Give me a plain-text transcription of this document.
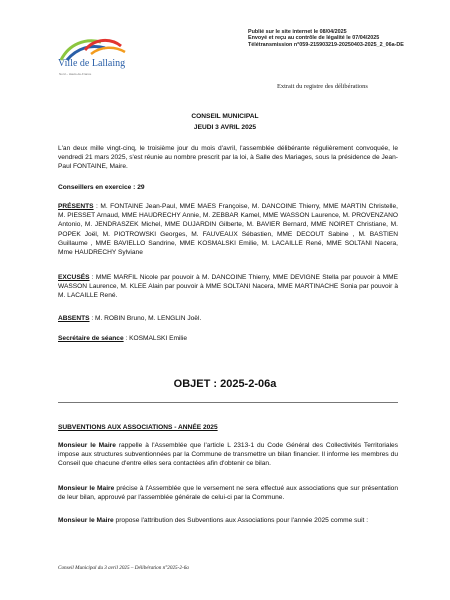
Ville de Lallaing
Nord – Hauts-de-France
Publié sur le site internet le 08/04/2025
Envoyé et reçu au contrôle de légalité le 07/04/2025
Télétransmission n°059-215903219-20250403-2025_2_06a-DE
Extrait du registre des délibérations
CONSEIL MUNICIPAL
JEUDI 3 AVRIL 2025

L'an deux mille vingt-cinq, le troisième jour du mois d'avril, l'assemblée délibérante régulièrement convoquée, le vendredi 21 mars 2025, s'est réunie au nombre prescrit par la loi, à Salle des Mariages, sous la présidence de Jean-Paul FONTAINE, Maire.

Conseillers en exercice : 29

PRÉSENTS : M. FONTAINE Jean-Paul, MME MAES Françoise, M. DANCOINE Thierry, MME MARTIN Christelle, M. PIESSET Arnaud, MME HAUDRECHY Annie, M. ZEBBAR Kamel, MME WASSON Laurence, M. PROVENZANO Antonio, M. JENDRASZEK Michel, MME DUJARDIN Gilberte, M. BAVIER Bernard, MME NOIRET Christiane, M. POPEK Joël, M. PIOTROWSKI Georges, M. FAUVEAUX Sébastien, MME DECOUT Sabine , M. BASTIEN Guillaume , MME BAVIELLO Sandrine, MME KOSMALSKI Emilie, M. LACAILLE René, MME SOLTANI Nacera, Mme HAUDRECHY Sylviane

EXCUSÉS : MME MARFIL Nicole par pouvoir à M. DANCOINE Thierry, MME DEVIGNE Stella par pouvoir à MME WASSON Laurence, M. KLEE Alain par pouvoir à MME SOLTANI Nacera, MME MARTINACHE Sonia par pouvoir à M. LACAILLE René.

ABSENTS : M. ROBIN Bruno, M. LENGLIN Joël.

Secrétaire de séance : KOSMALSKI Emilie

OBJET : 2025-2-06a
SUBVENTIONS AUX ASSOCIATIONS - ANNÉE 2025

Monsieur le Maire rappelle à l'Assemblée que l'article L 2313-1 du Code Général des Collectivités Territoriales impose aux structures subventionnées par la Commune de transmettre un bilan financier. Il informe les membres du Conseil que chacune d'entre elles sera contactées afin d'obtenir ce bilan.

Monsieur le Maire précise à l'Assemblée que le versement ne sera effectué aux associations que sur présentation de leur bilan, approuvé par l'assemblée générale de celui-ci par la Commune.

Monsieur le Maire propose l'attribution des Subventions aux Associations pour l'année 2025 comme suit :

Conseil Municipal du 3 avril 2025 – Délibération n°2025-2-6a
